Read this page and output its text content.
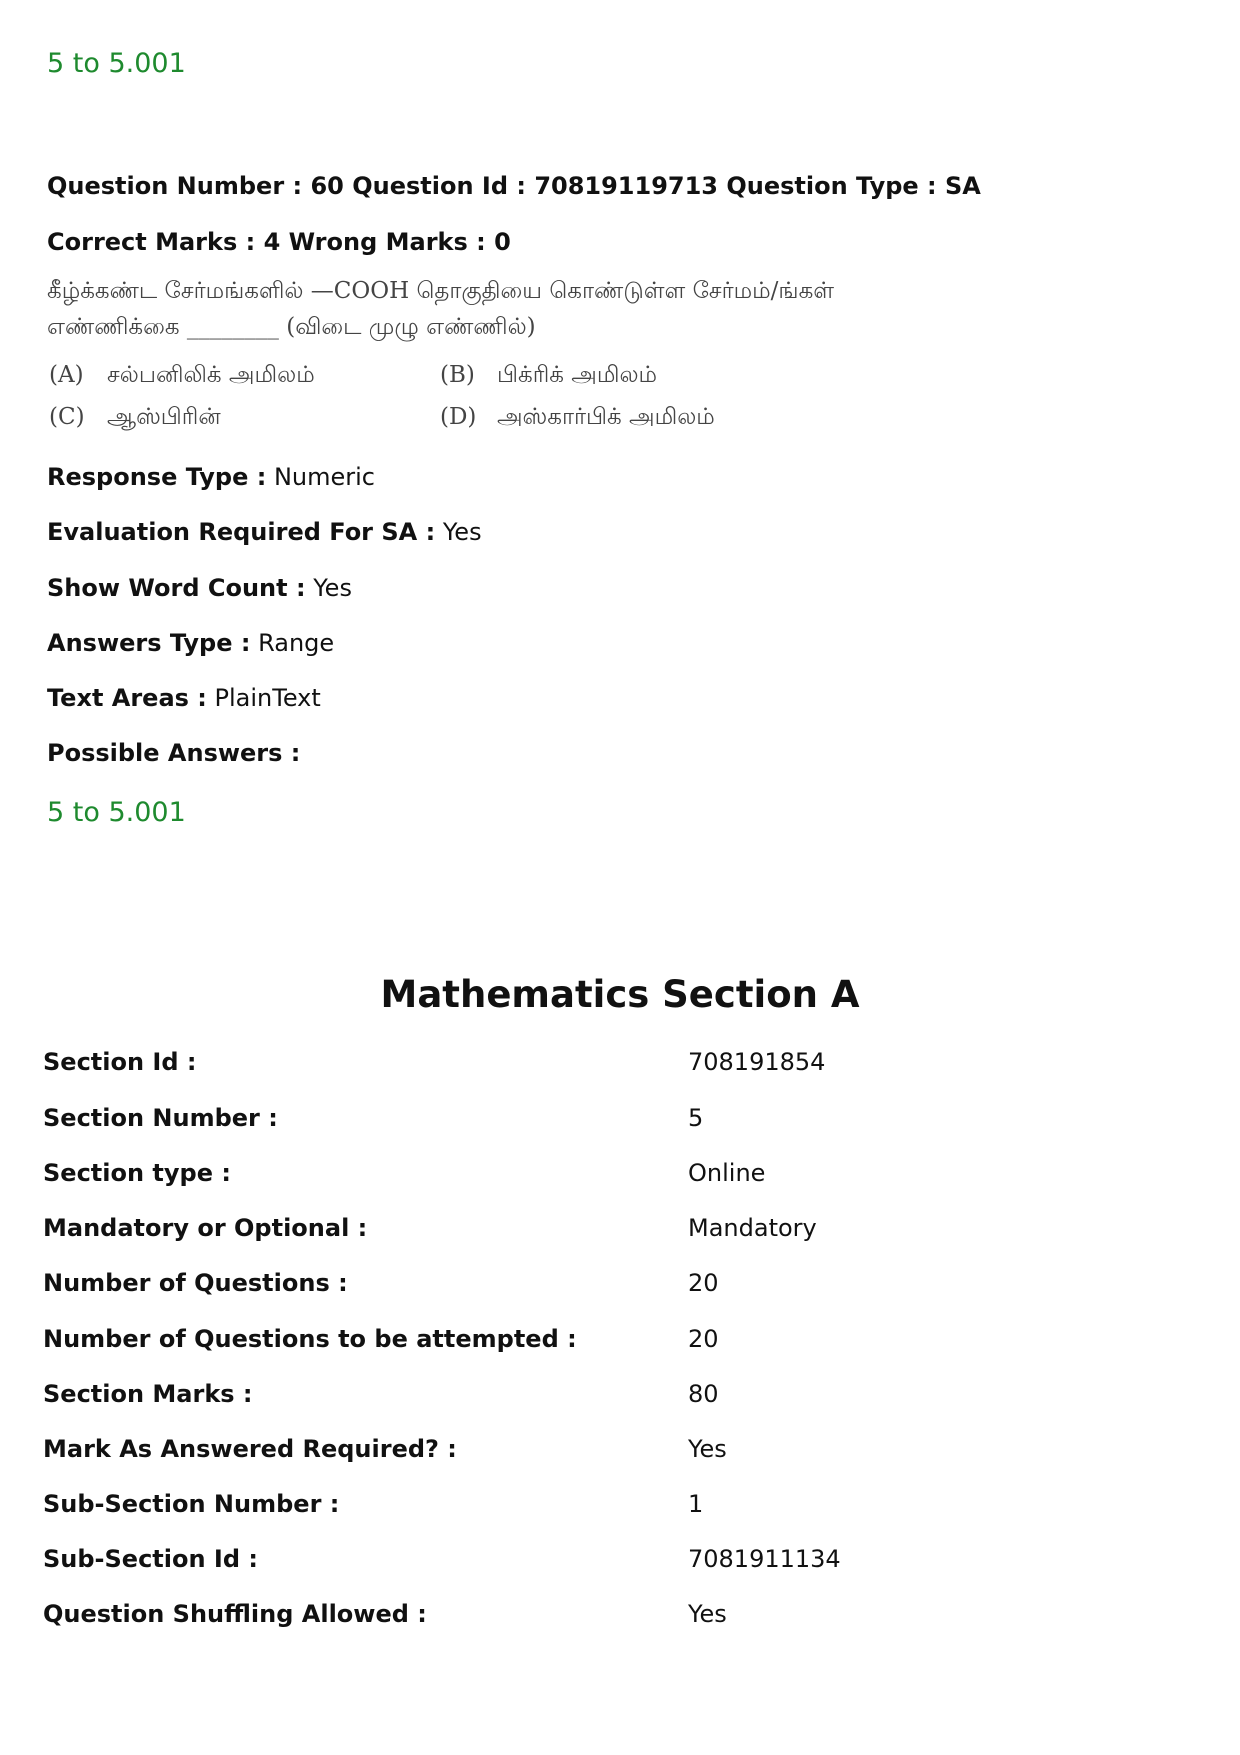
5 to 5.001
Question Number : 60 Question Id : 70819119713 Question Type : SA
Correct Marks : 4 Wrong Marks : 0
கீழ்க்கண்ட சேர்மங்களில் —COOH தொகுதியை கொண்டுள்ள சேர்மம்/ங்கள்
எண்ணிக்கை ________ (விடை முழு எண்ணில்)
(A) சல்பனிலிக் அமிலம்	(B) பிக்ரிக் அமிலம்
(C) ஆஸ்பிரின்	(D) அஸ்கார்பிக் அமிலம்
Response Type : Numeric
Evaluation Required For SA : Yes
Show Word Count : Yes
Answers Type : Range
Text Areas : PlainText
Possible Answers :
5 to 5.001
Mathematics Section A
Section Id :	708191854
Section Number :	5
Section type :	Online
Mandatory or Optional :	Mandatory
Number of Questions :	20
Number of Questions to be attempted :	20
Section Marks :	80
Mark As Answered Required? :	Yes
Sub-Section Number :	1
Sub-Section Id :	7081911134
Question Shuffling Allowed :	Yes
